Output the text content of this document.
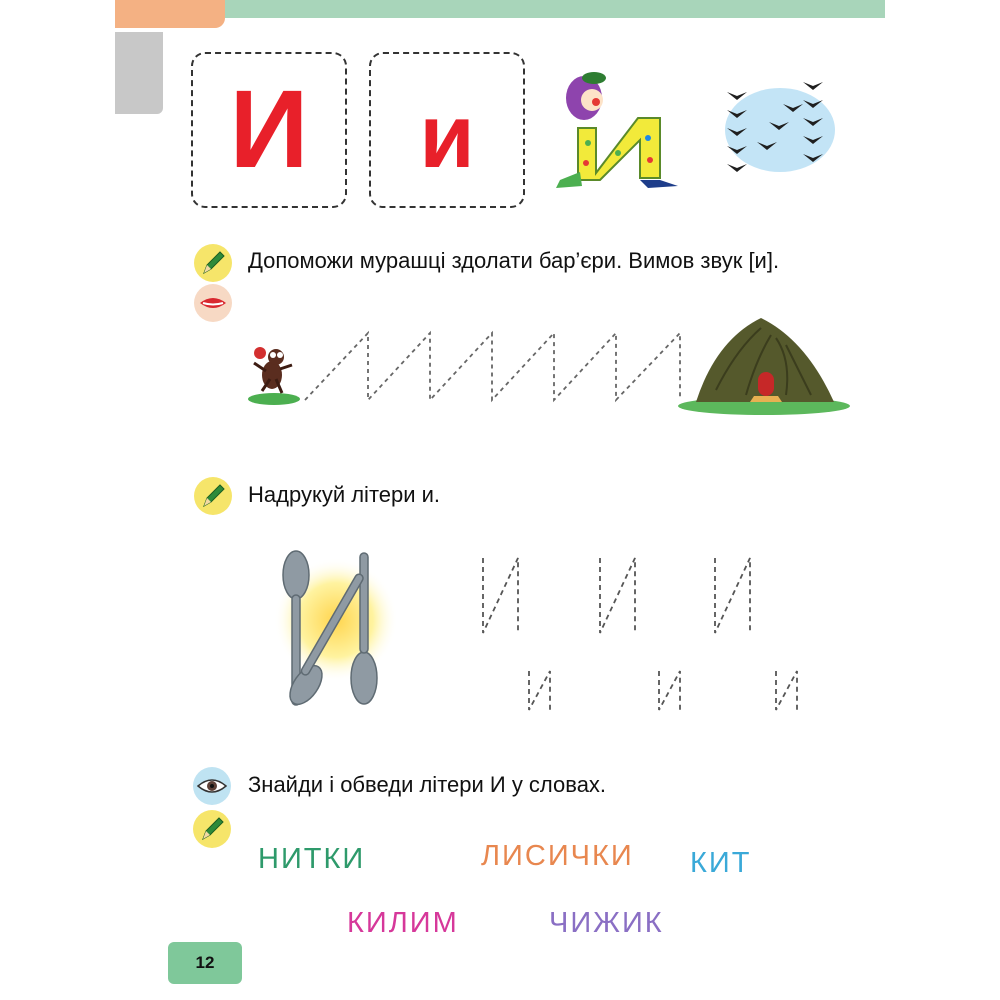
И и
Допоможи мурашці здолати бар’єри. Вимов звук [и].
Надрукуй літери и.
Знайди і обведи літери И у словах.
НИТКИ	ЛИСИЧКИ КИТ
КИЛИМ	ЧИЖИК
12
